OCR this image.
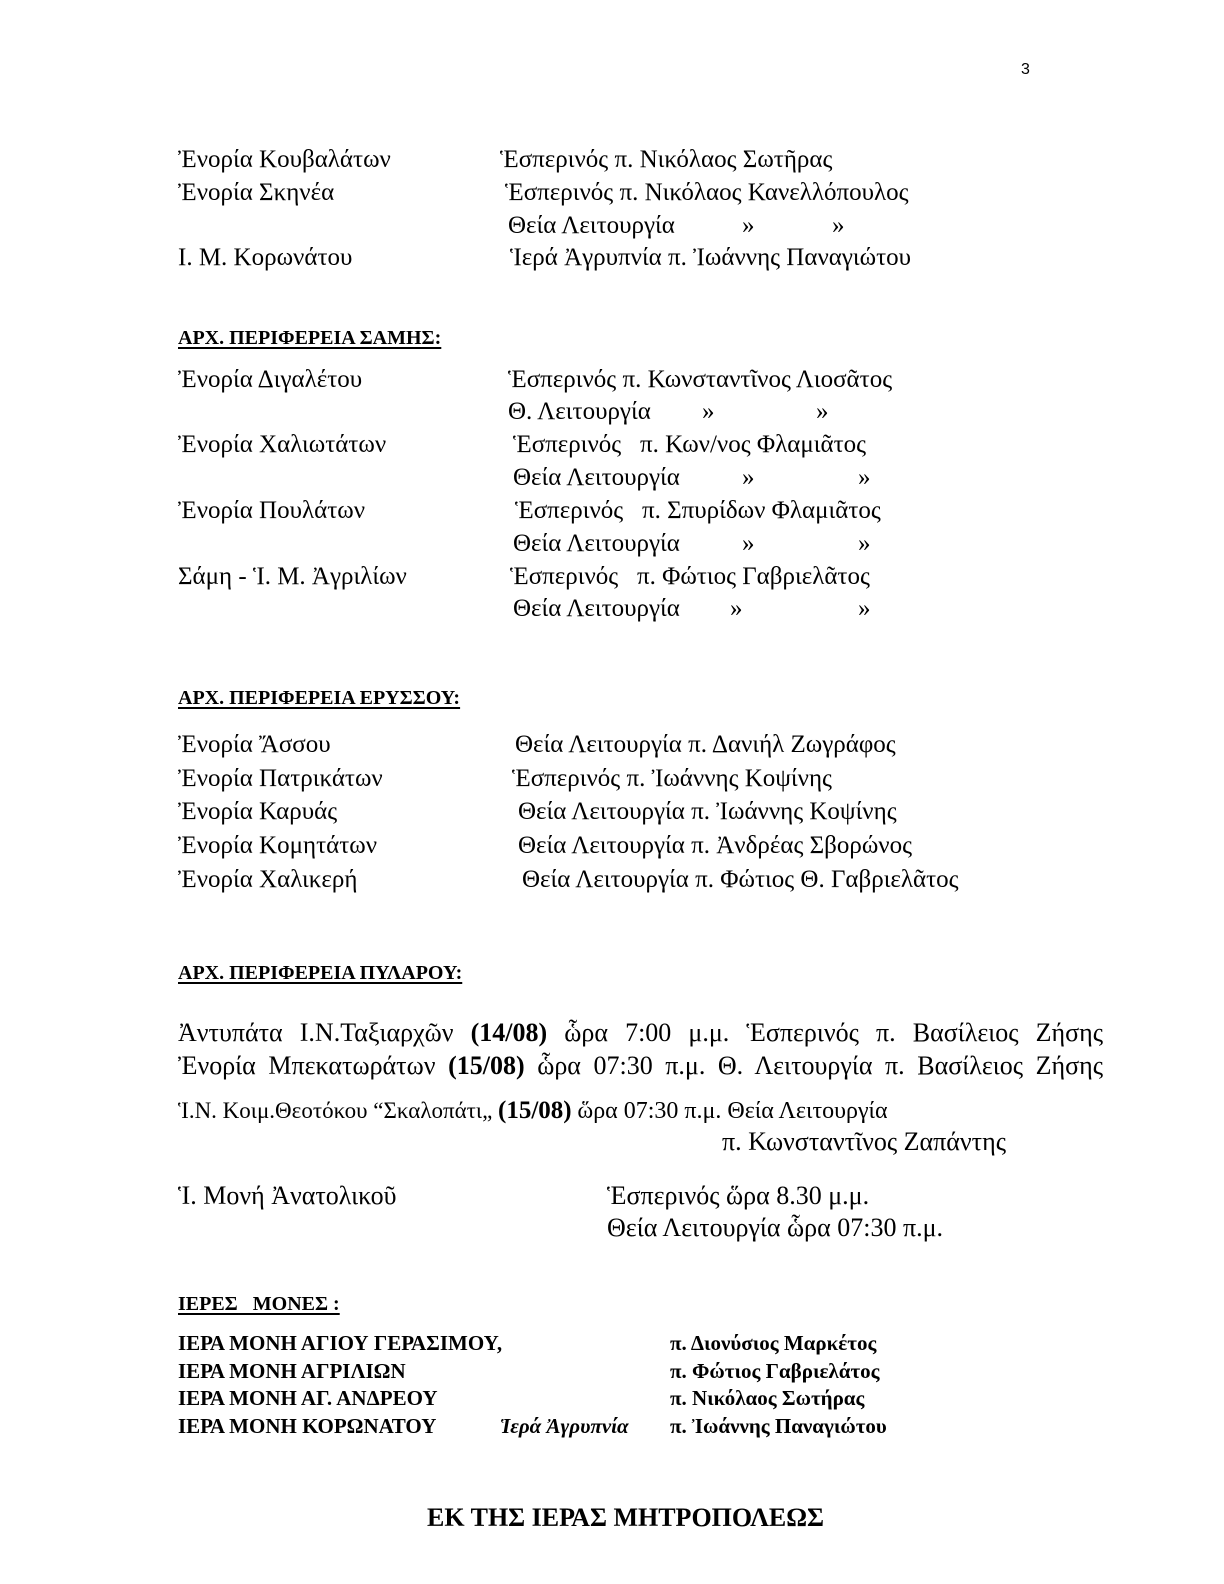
3
Ἐνορία Κουβαλάτων	Ἑσπερινός π. Νικόλαος Σωτῆρας
Ἐνορία Σκηνέα	Ἑσπερινός π. Νικόλαος Κανελλόπουλος
Θεία Λειτουργία	»	»
Ι. Μ. Κορωνάτου	Ἱερά Ἀγρυπνία π. Ἰωάννης Παναγιώτου
ΑΡΧ. ΠΕΡΙΦΕΡΕΙΑ ΣΑΜΗΣ:
Ἐνορία Διγαλέτου	Ἑσπερινός π. Κωνσταντῖνος Λιοσᾶτος
Θ. Λειτουργία »	»
Ἐνορία Χαλιωτάτων	Ἑσπερινός   π. Κων/νος Φλαμιᾶτος
Θεία Λειτουργία »	»
Ἐνορία Πουλάτων	Ἑσπερινός   π. Σπυρίδων Φλαμιᾶτος
Θεία Λειτουργία »	»
Σάμη - Ἱ. Μ. Ἀγριλίων	Ἑσπερινός   π. Φώτιος Γαβριελᾶτος
Θεία Λειτουργία »	»
ΑΡΧ. ΠΕΡΙΦΕΡΕΙΑ ΕΡΥΣΣΟΥ:
Ἐνορία Ἄσσου	Θεία Λειτουργία π. Δανιήλ Ζωγράφος
Ἐνορία Πατρικάτων	Ἑσπερινός π. Ἰωάννης Κοψίνης
Ἐνορία Καρυάς	Θεία Λειτουργία π. Ἰωάννης Κοψίνης
Ἐνορία Κομητάτων	Θεία Λειτουργία π. Ἀνδρέας Σβορώνος
Ἐνορία Χαλικερή	Θεία Λειτουργία π. Φώτιος Θ. Γαβριελᾶτος
ΑΡΧ. ΠΕΡΙΦΕΡΕΙΑ ΠΥΛΑΡΟΥ:
Ἀντυπάτα Ι.Ν.Ταξιαρχῶν (14/08) ὧρα 7:00 μ.μ. Ἑσπερινός π. Βασίλειος Ζήσης
Ἐνορία Μπεκατωράτων (15/08) ὧρα 07:30 π.μ. Θ. Λειτουργία π. Βασίλειος Ζήσης
Ἱ.Ν. Κοιμ.Θεοτόκου “Σκαλοπάτι„ (15/08) ὥρα 07:30 π.μ. Θεία Λειτουργία
π. Κωνσταντῖνος Ζαπάντης
Ἱ. Μονή Ἀνατολικοῦ	Ἑσπερινός ὥρα 8.30 μ.μ.
Θεία Λειτουργία ὧρα 07:30 π.μ.
ΙΕΡΕΣ   ΜΟΝΕΣ :
ΙΕΡΑ ΜΟΝΗ ΑΓΙΟΥ ΓΕΡΑΣΙΜΟΥ,	π. Διονύσιος Μαρκέτος
ΙΕΡΑ ΜΟΝΗ ΑΓΡΙΛΙΩΝ	π. Φώτιος Γαβριελάτος
ΙΕΡΑ ΜΟΝΗ ΑΓ. ΑΝΔΡΕΟΥ	π. Νικόλαος Σωτήρας
ΙΕΡΑ ΜΟΝΗ ΚΟΡΩΝΑΤΟΥ	Ἱερά Ἀγρυπνία π. Ἰωάννης Παναγιώτου
ΕΚ ΤΗΣ ΙΕΡΑΣ ΜΗΤΡΟΠΟΛΕΩΣ
